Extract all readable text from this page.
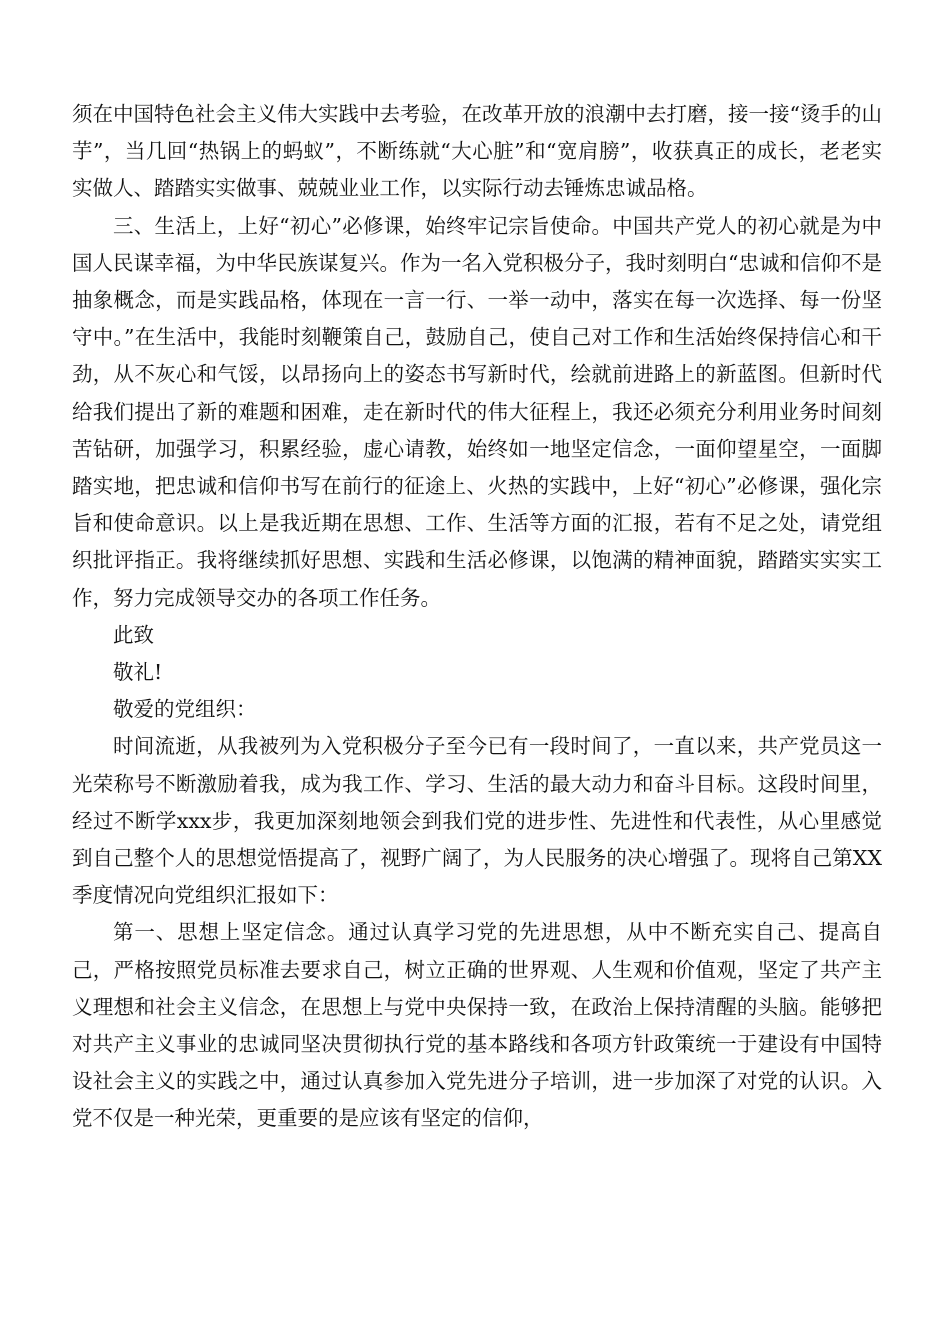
须在中国特色社会主义伟大实践中去考验，在改革开放的浪潮中去打磨，接一接“烫手的山芋”，当几回“热锅上的蚂蚁”，不断练就“大心脏”和“宽肩膀”，收获真正的成长，老老实实做人、踏踏实实做事、兢兢业业工作，以实际行动去锤炼忠诚品格。

三、生活上，上好“初心”必修课，始终牢记宗旨使命。中国共产党人的初心就是为中国人民谋幸福，为中华民族谋复兴。作为一名入党积极分子，我时刻明白“忠诚和信仰不是抽象概念，而是实践品格，体现在一言一行、一举一动中，落实在每一次选择、每一份坚守中。”在生活中，我能时刻鞭策自己，鼓励自己，使自己对工作和生活始终保持信心和干劲，从不灰心和气馁，以昂扬向上的姿态书写新时代，绘就前进路上的新蓝图。但新时代给我们提出了新的难题和困难，走在新时代的伟大征程上，我还必须充分利用业务时间刻苦钻研，加强学习，积累经验，虚心请教，始终如一地坚定信念，一面仰望星空，一面脚踏实地，把忠诚和信仰书写在前行的征途上、火热的实践中，上好“初心”必修课，强化宗旨和使命意识。以上是我近期在思想、工作、生活等方面的汇报，若有不足之处，请党组织批评指正。我将继续抓好思想、实践和生活必修课，以饱满的精神面貌，踏踏实实实工作，努力完成领导交办的各项工作任务。

此致

敬礼!

敬爱的党组织：

时间流逝，从我被列为入党积极分子至今已有一段时间了，一直以来，共产党员这一光荣称号不断激励着我，成为我工作、学习、生活的最大动力和奋斗目标。这段时间里，经过不断学xxx步，我更加深刻地领会到我们党的进步性、先进性和代表性，从心里感觉到自己整个人的思想觉悟提高了，视野广阔了，为人民服务的决心增强了。现将自己第XX季度情况向党组织汇报如下：

第一、思想上坚定信念。通过认真学习党的先进思想，从中不断充实自己、提高自己，严格按照党员标准去要求自己，树立正确的世界观、人生观和价值观，坚定了共产主义理想和社会主义信念，在思想上与党中央保持一致，在政治上保持清醒的头脑。能够把对共产主义事业的忠诚同坚决贯彻执行党的基本路线和各项方针政策统一于建设有中国特设社会主义的实践之中，通过认真参加入党先进分子培训，进一步加深了对党的认识。入党不仅是一种光荣，更重要的是应该有坚定的信仰，
